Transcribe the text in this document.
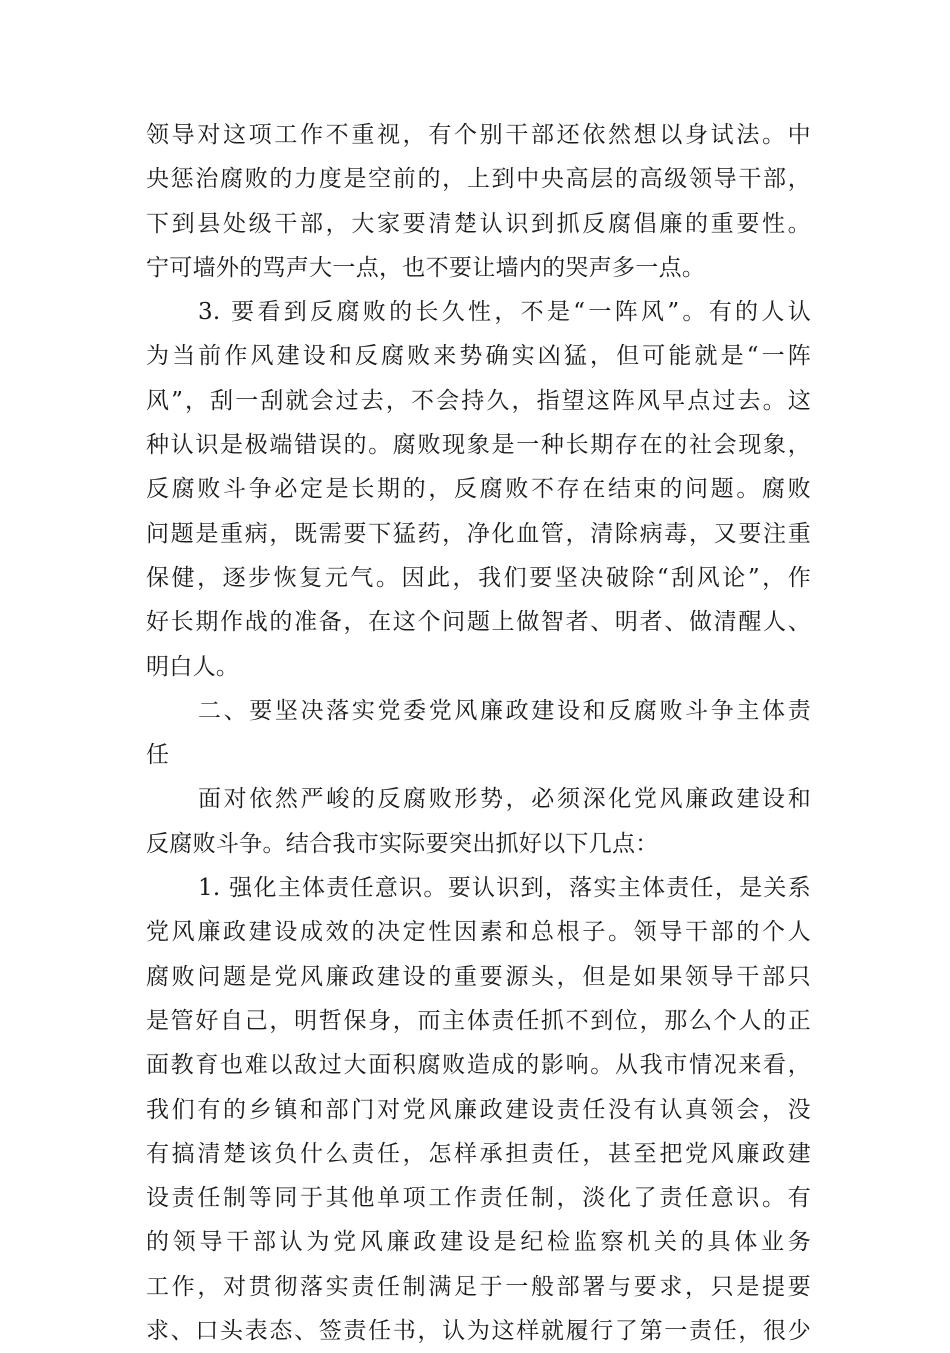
领导对这项工作不重视，有个别干部还依然想以身试法。中
央惩治腐败的力度是空前的，上到中央高层的高级领导干部，
下到县处级干部，大家要清楚认识到抓反腐倡廉的重要性。
宁可墙外的骂声大一点，也不要让墙内的哭声多一点。
3. 要看到反腐败的长久性，不是“一阵风”。有的人认
为当前作风建设和反腐败来势确实凶猛，但可能就是“一阵
风”，刮一刮就会过去，不会持久，指望这阵风早点过去。这
种认识是极端错误的。腐败现象是一种长期存在的社会现象，
反腐败斗争必定是长期的，反腐败不存在结束的问题。腐败
问题是重病，既需要下猛药，净化血管，清除病毒，又要注重
保健，逐步恢复元气。因此，我们要坚决破除“刮风论”，作
好长期作战的准备，在这个问题上做智者、明者、做清醒人、
明白人。
二、要坚决落实党委党风廉政建设和反腐败斗争主体责
任
面对依然严峻的反腐败形势，必须深化党风廉政建设和
反腐败斗争。结合我市实际要突出抓好以下几点：
1. 强化主体责任意识。要认识到，落实主体责任，是关系
党风廉政建设成效的决定性因素和总根子。领导干部的个人
腐败问题是党风廉政建设的重要源头，但是如果领导干部只
是管好自己，明哲保身，而主体责任抓不到位，那么个人的正
面教育也难以敌过大面积腐败造成的影响。从我市情况来看，
我们有的乡镇和部门对党风廉政建设责任没有认真领会，没
有搞清楚该负什么责任，怎样承担责任，甚至把党风廉政建
设责任制等同于其他单项工作责任制，淡化了责任意识。有
的领导干部认为党风廉政建设是纪检监察机关的具体业务
工作，对贯彻落实责任制满足于一般部署与要求，只是提要
求、口头表态、签责任书，认为这样就履行了第一责任，很少
